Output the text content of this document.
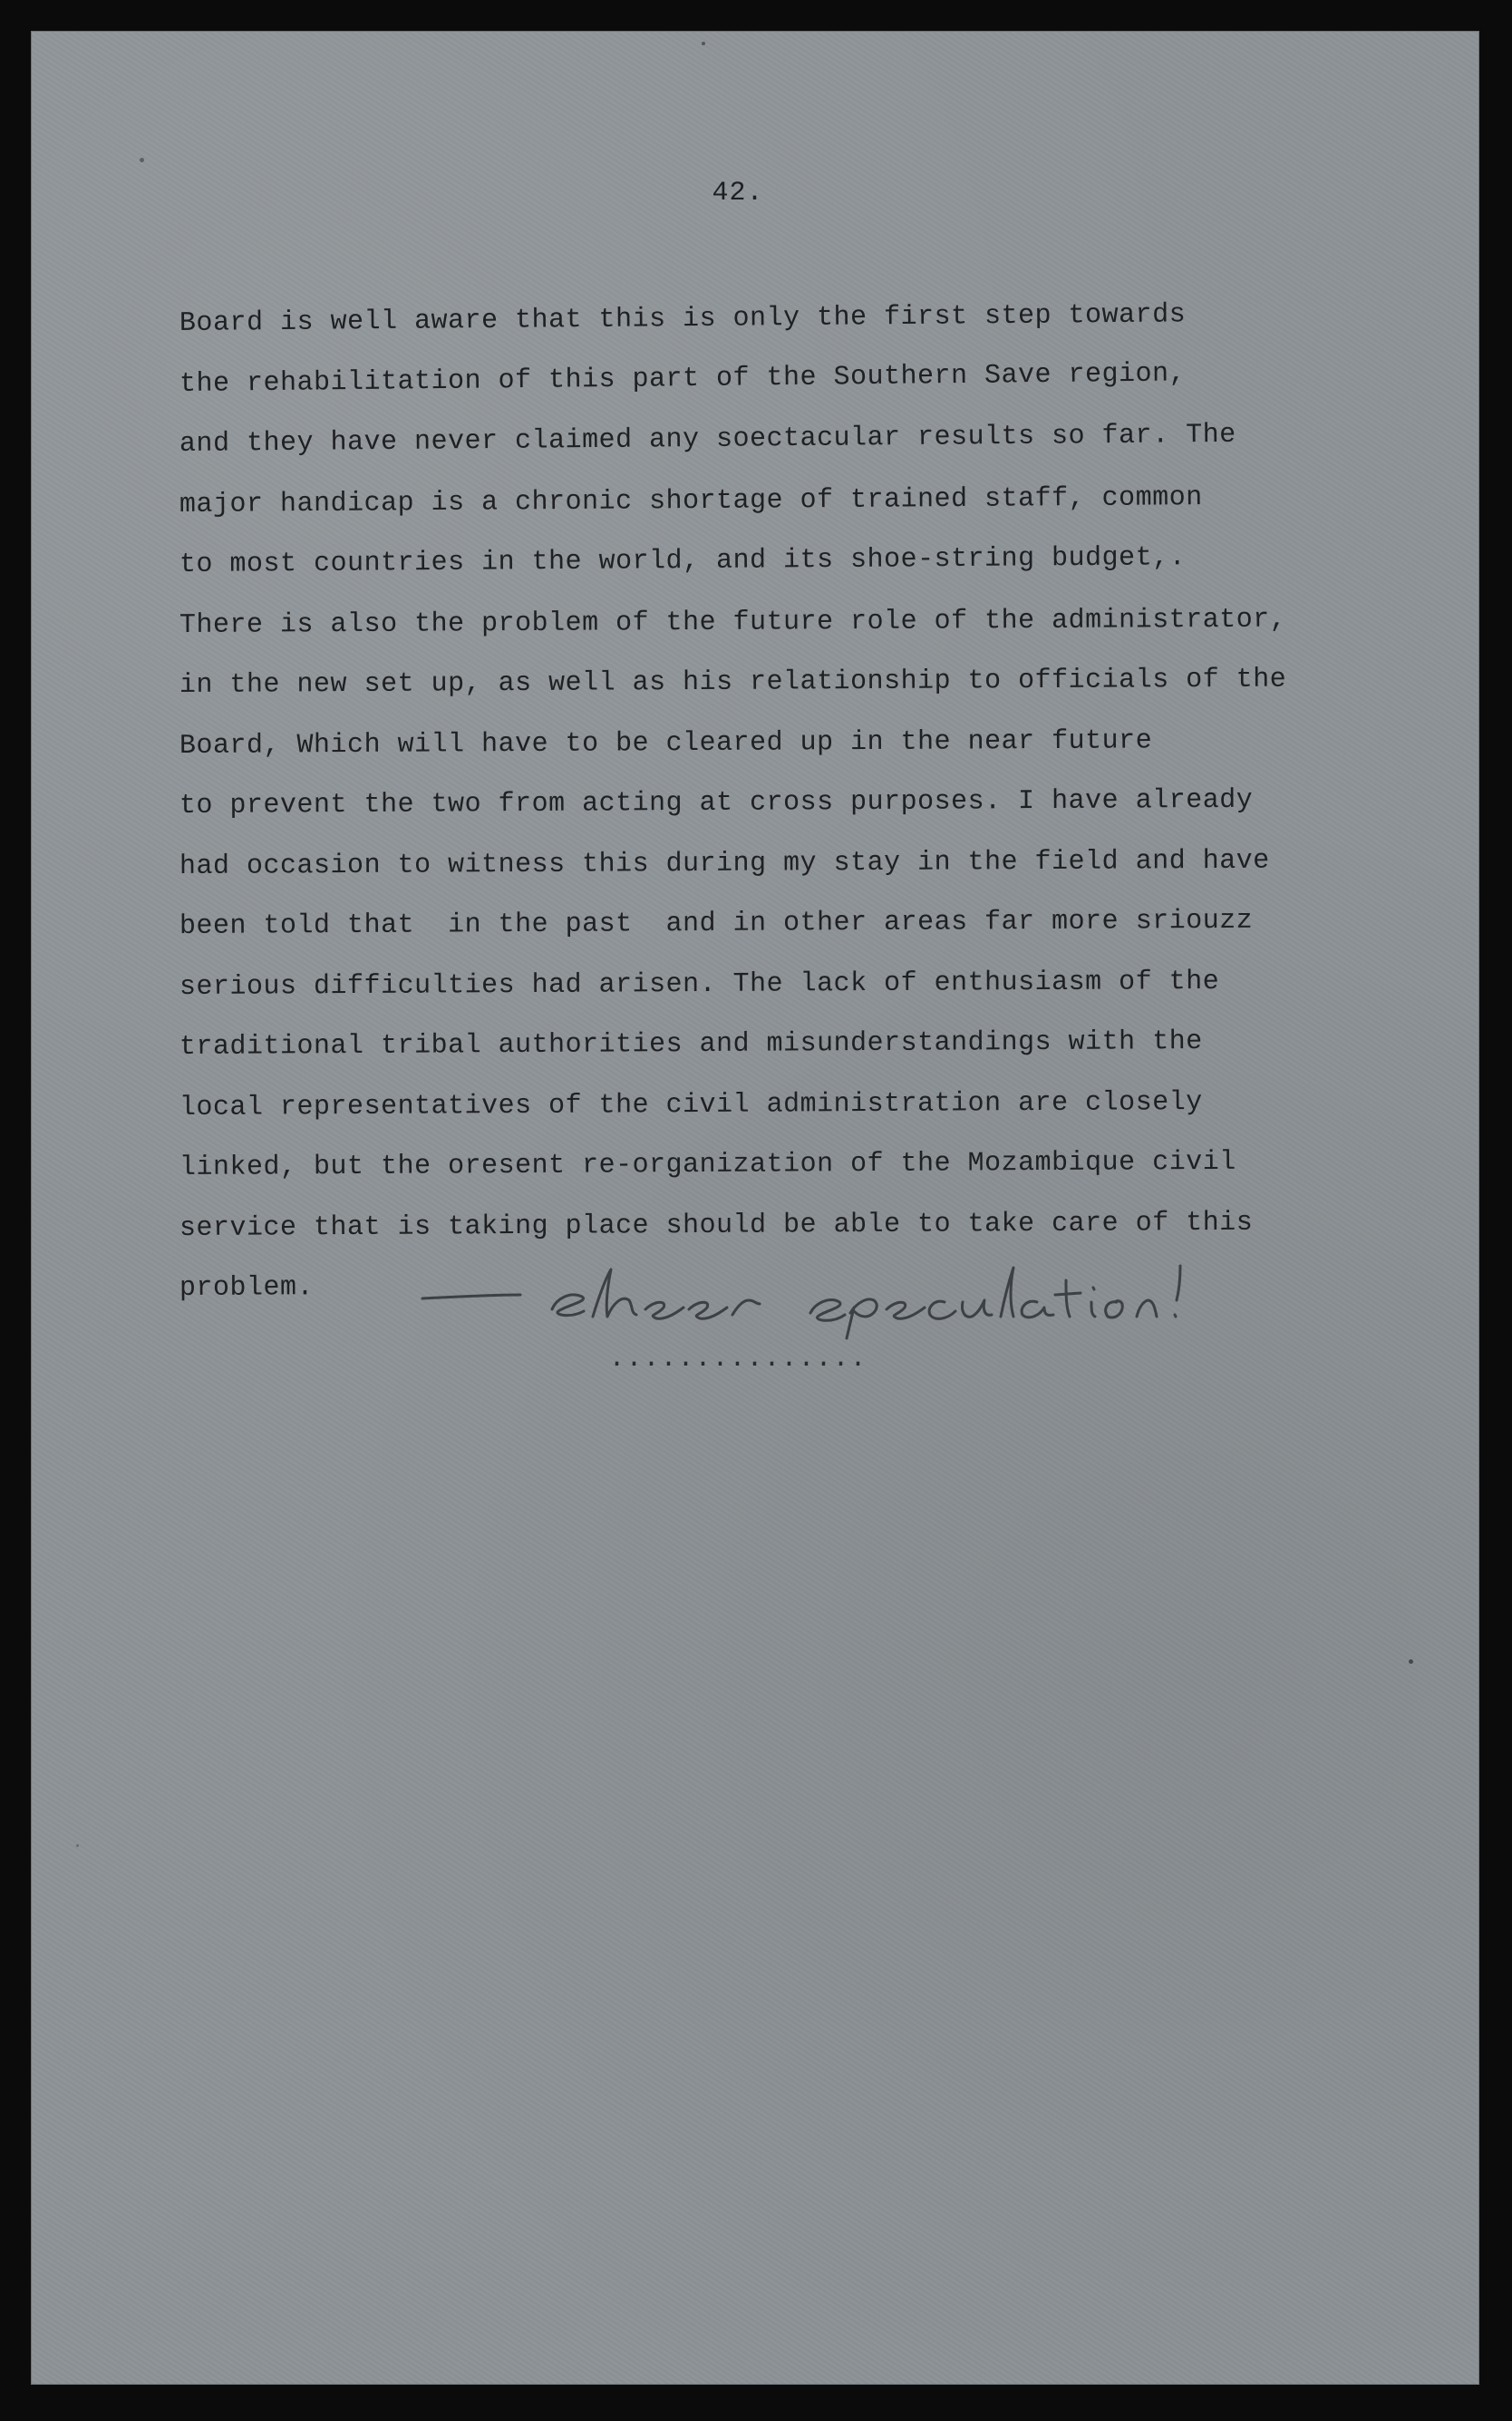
42.
Board is well aware that this is only the first step towards
the rehabilitation of this part of the Southern Save region,
and they have never claimed any soectacular results so far. The
major handicap is a chronic shortage of trained staff, common
to most countries in the world, and its shoe-string budget,.
There is also the problem of the future role of the administrator,
in the new set up, as well as his relationship to officials of the
Board, Which will have to be cleared up in the near future
to prevent the two from acting at cross purposes. I have already
had occasion to witness this during my stay in the field and have
been told that  in the past  and in other areas far more sriouzz
serious difficulties had arisen. The lack of enthusiasm of the
traditional tribal authorities and misunderstandings with the
local representatives of the civil administration are closely
linked, but the oresent re-organization of the Mozambique civil
service that is taking place should be able to take care of this
problem.
...............
